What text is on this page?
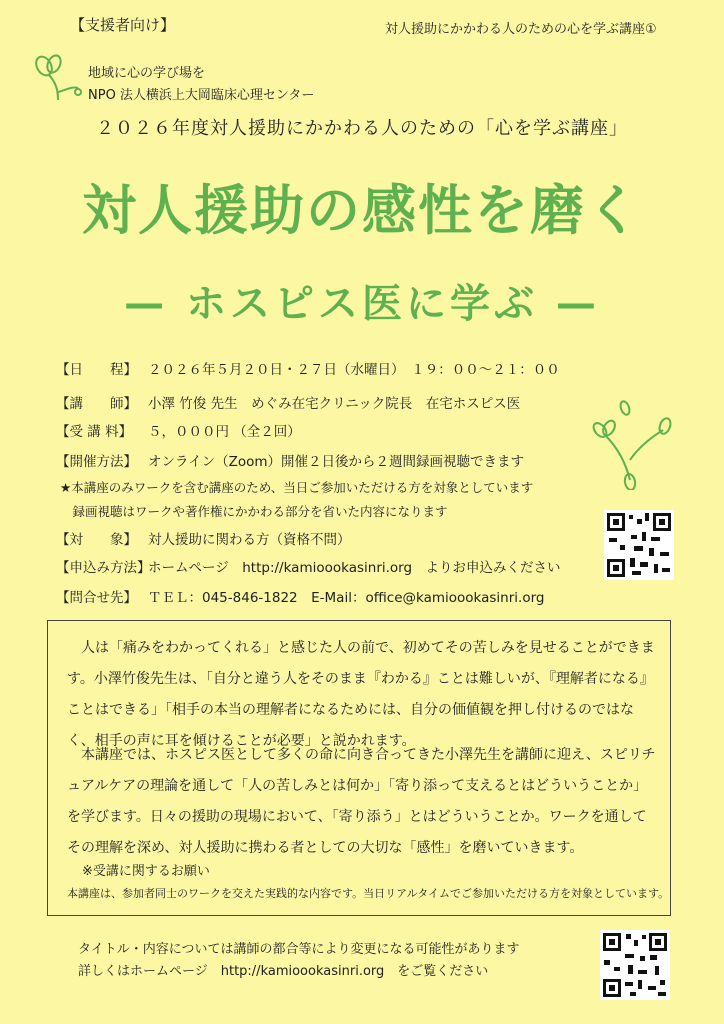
【支援者向け】	対人援助にかかわる人のための心を学ぶ講座①
地域に心の学び場を
NPO 法人横浜上大岡臨床心理センター
２０２６年度対人援助にかかわる人のための「心を学ぶ講座」
対人援助の感性を磨く
— ホスピス医に学ぶ —
【日　　程】 ２０２６年５月２０日・２７日（水曜日）　１９：００～２１：００
【講　　師】 小澤 竹俊 先生　めぐみ在宅クリニック院長　在宅ホスピス医
【受 講 料】	５，０００円 （全２回）
【開催方法】 オンライン（Zoom）開催２日後から２週間録画視聴できます
★本講座のみワークを含む講座のため、当日ご参加いただける方を対象としています
　録画視聴はワークや著作権にかかわる部分を省いた内容になります
【対　　象】 対人援助に関わる方（資格不問）
【申込み方法】
ホームページ　http://kamioookasinri.org　よりお申込みください
【問合せ先】 ＴＥＬ：045-846-1822　E-Mail：office@kamioookasinri.org

人は「痛みをわかってくれる」と感じた人の前で、初めてその苦しみを見せることができます。小澤竹俊先生は、「自分と違う人をそのまま『わかる』ことは難しいが、『理解者になる』ことはできる」「相手の本当の理解者になるためには、自分の価値観を押し付けるのではなく、相手の声に耳を傾けることが必要」と説かれます。

本講座では、ホスピス医として多くの命に向き合ってきた小澤先生を講師に迎え、スピリチュアルケアの理論を通して「人の苦しみとは何か」「寄り添って支えるとはどういうことか」を学びます。日々の援助の現場において、「寄り添う」とはどういうことか。ワークを通してその理解を深め、対人援助に携わる者としての大切な「感性」を磨いていきます。

※受講に関するお願い
本講座は、参加者同士のワークを交えた実践的な内容です。当日リアルタイムでご参加いただける方を対象としています。
タイトル・内容については講師の都合等により変更になる可能性があります
詳しくはホームページ　http://kamioookasinri.org　をご覧ください
